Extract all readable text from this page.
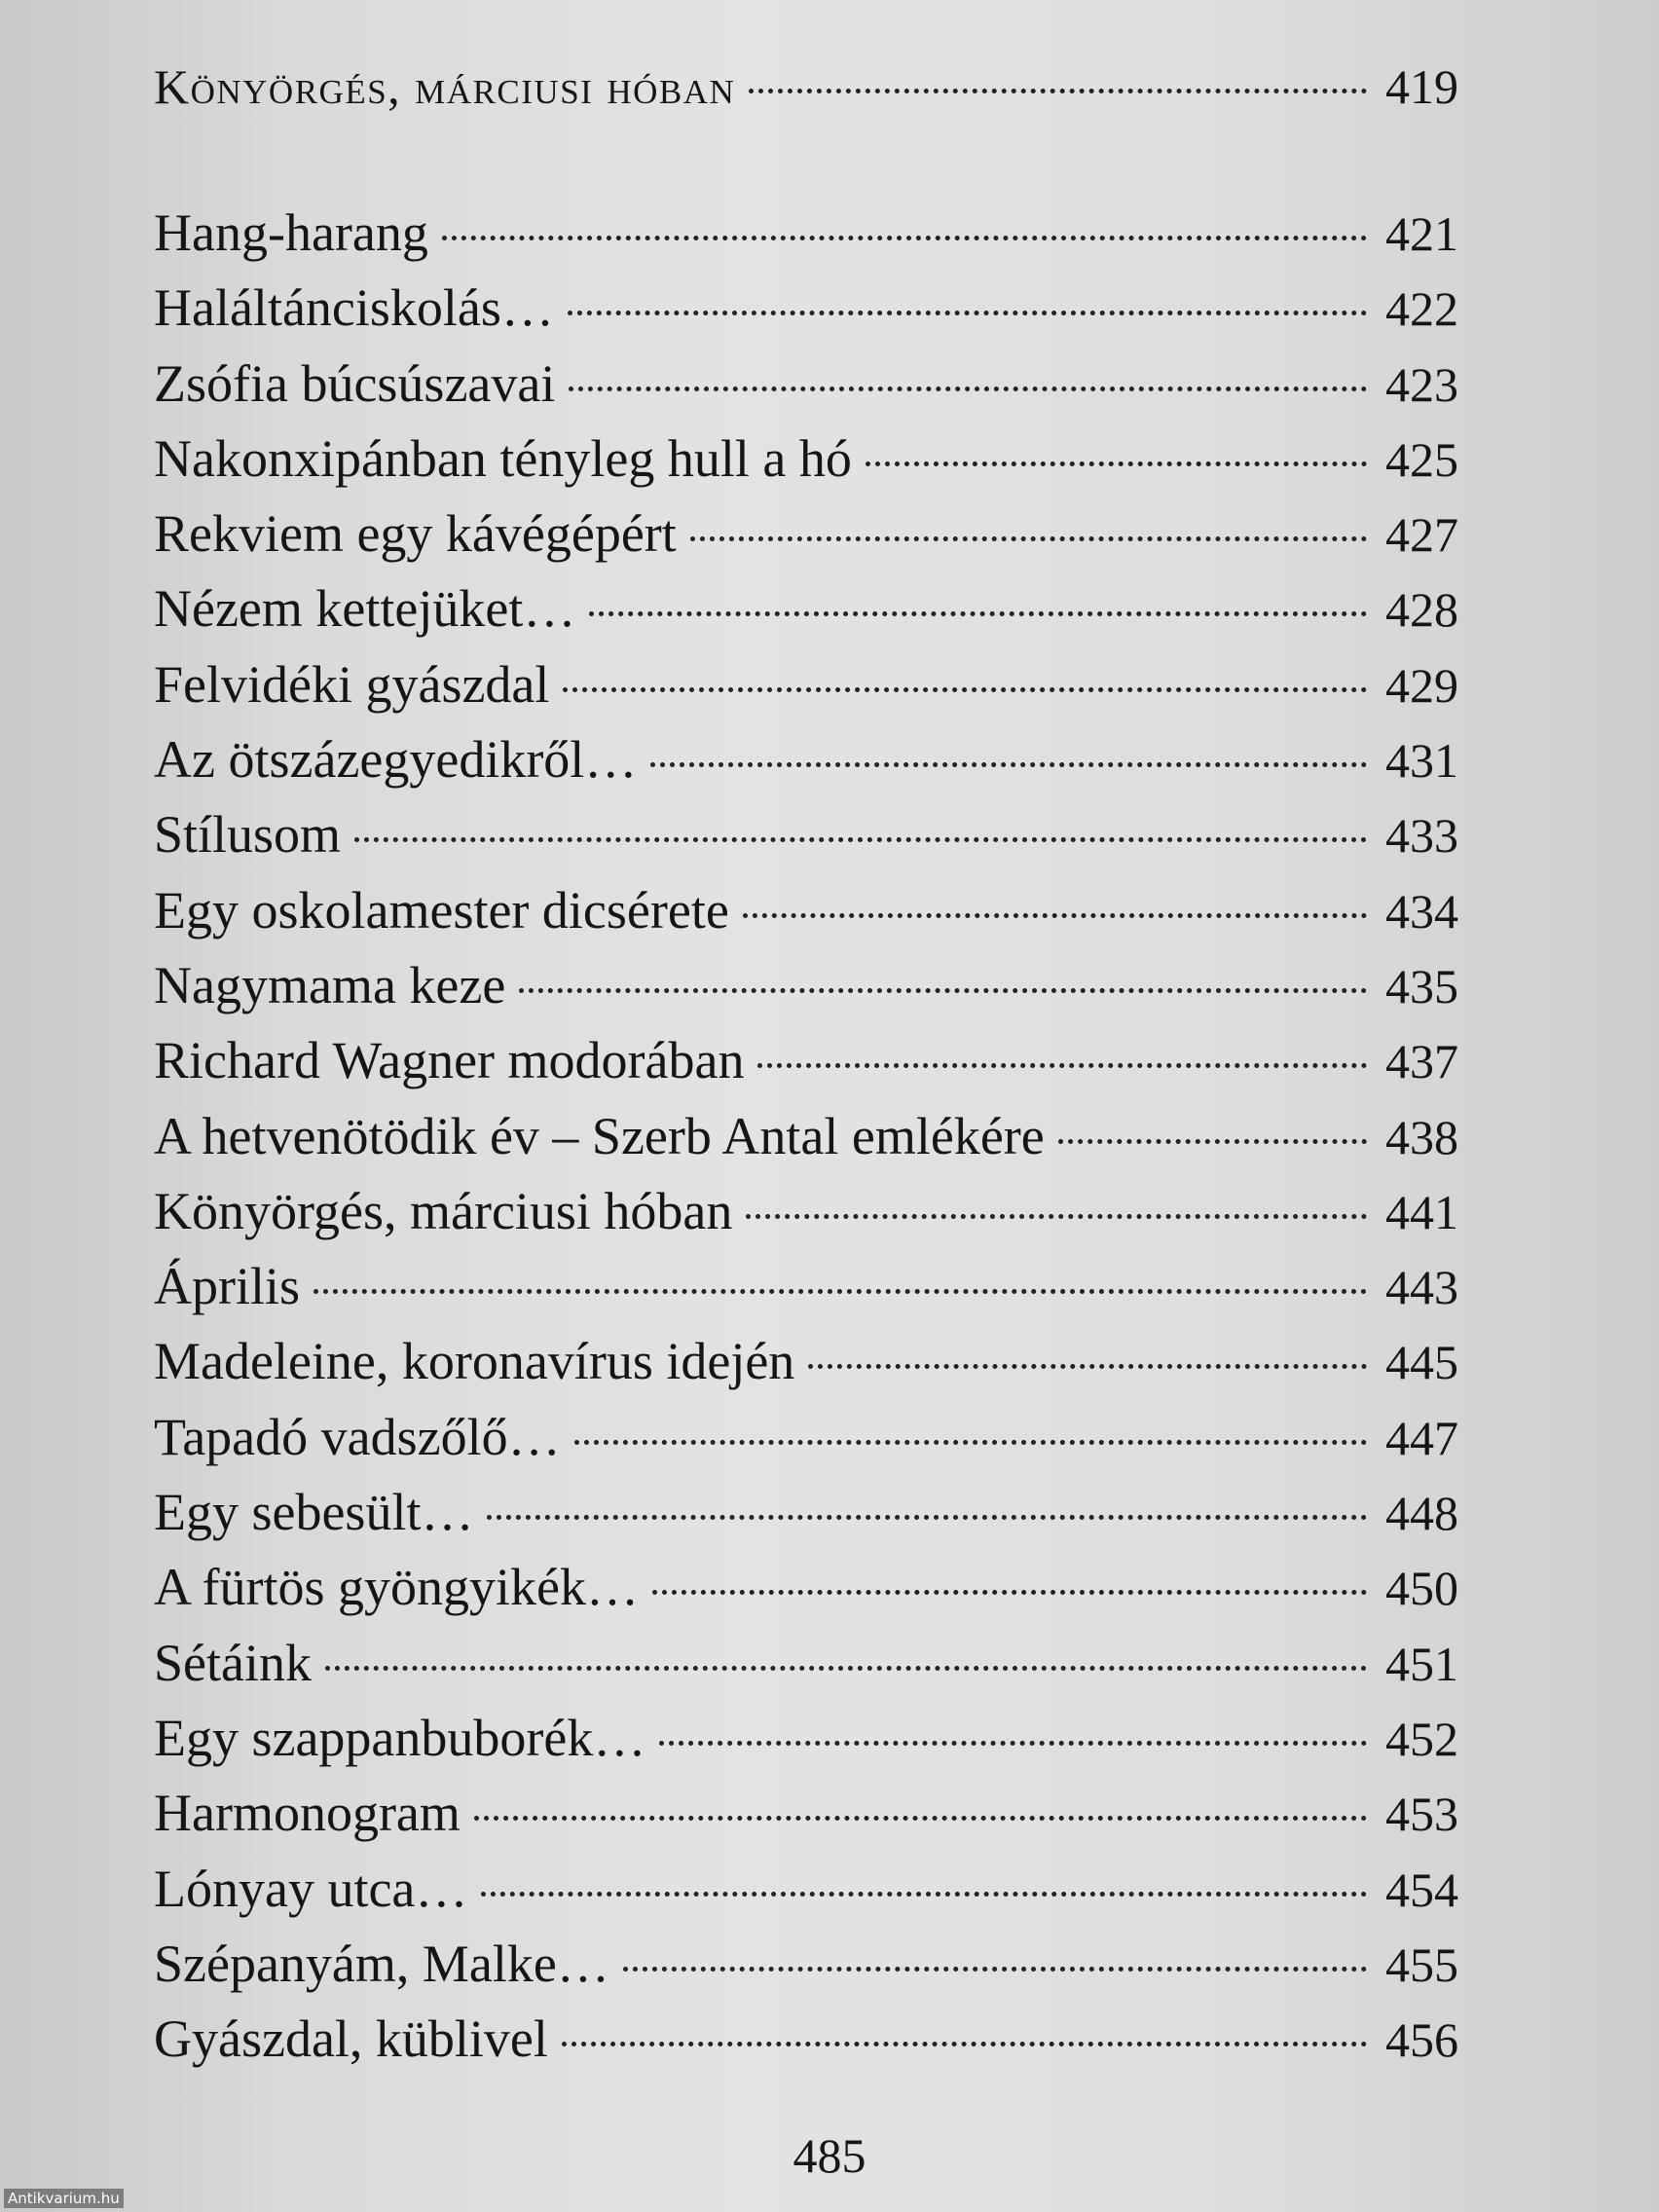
Könyörgés, márciusi hóban	419
Hang-harang	421
Haláltánciskolás…	422
Zsófia búcsúszavai	423
Nakonxipánban tényleg hull a hó	425
Rekviem egy kávégépért	427
Nézem kettejüket…	428
Felvidéki gyászdal	429
Az ötszázegyedikről…	431
Stílusom	433
Egy oskolamester dicsérete	434
Nagymama keze	435
Richard Wagner modorában	437
A hetvenötödik év – Szerb Antal emlékére	438
Könyörgés, márciusi hóban	441
Április	443
Madeleine, koronavírus idején	445
Tapadó vadszőlő…	447
Egy sebesült…	448
A fürtös gyöngyikék…	450
Sétáink	451
Egy szappanbuborék…	452
Harmonogram	453
Lónyay utca…	454
Szépanyám, Malke…	455
Gyászdal, küblivel	456
485
Antikvarium.hu
